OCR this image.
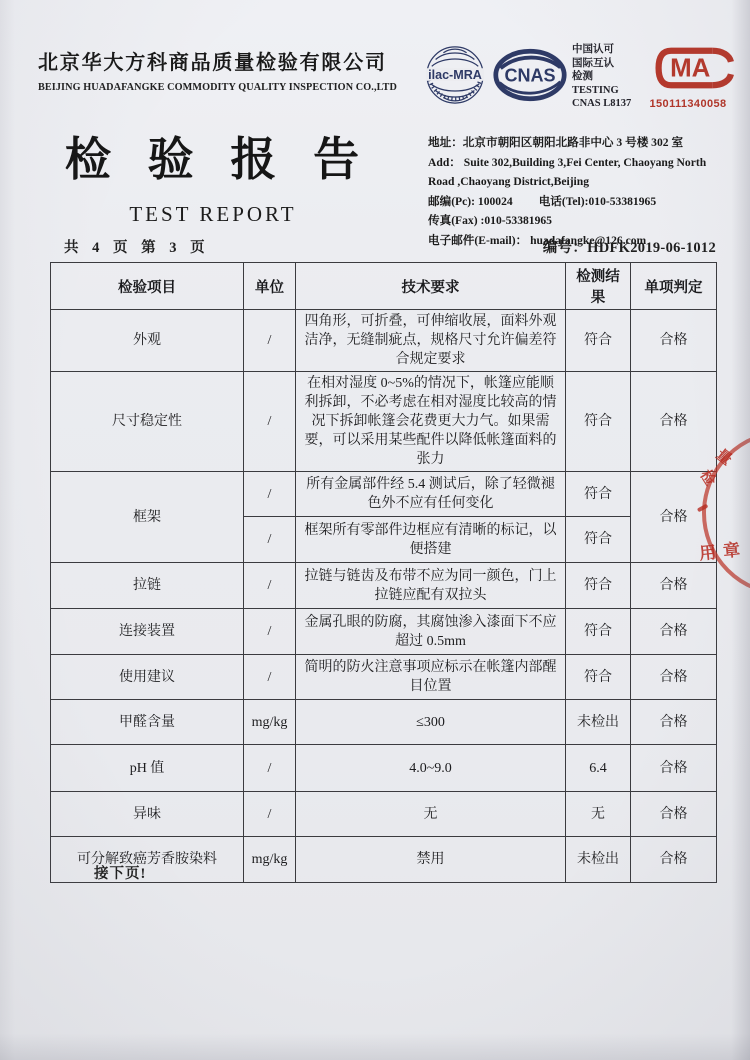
北京华大方科商品质量检验有限公司
BEIJING HUADAFANGKE COMMODITY QUALITY INSPECTION CO.,LTD
检 验 报 告
TEST REPORT
ilac-MRA CNAS
中国认可
国际互认
检测
TESTING
CNAS L8137
MA
150111340058
地址：北京市朝阳区朝阳北路非中心 3 号楼 302 室
Add： Suite 302,Building 3,Fei Center, Chaoyang North
Road ,Chaoyang District,Beijing
邮编(Pc): 100024 电话(Tel):010-53381965
传真(Fax) :010-53381965
电子邮件(E-mail)： huadafangke@126.com
共 4 页 第 3 页	编号：HDFK2019-06-1012
检验项目	单位	技术要求	检测结果	单项判定
外观	/	四角形，可折叠，可伸缩收展，面料外观洁净，无缝制疵点，规格尺寸允许偏差符合规定要求	符合	合格
尺寸稳定性	/	在相对湿度 0~5%的情况下，帐篷应能顺利拆卸，不必考虑在相对湿度比较高的情况下拆卸帐篷会花费更大力气。如果需要，可以采用某些配件以降低帐篷面料的张力	符合	合格
框架	/	所有金属部件经 5.4 测试后，除了轻微褪色外不应有任何变化	符合	合格
	/	框架所有零部件边框应有清晰的标记，以便搭建	符合	
拉链	/	拉链与链齿及布带不应为同一颜色，门上拉链应配有双拉头	符合	合格
连接装置	/	金属孔眼的防腐，其腐蚀渗入漆面下不应超过 0.5mm	符合	合格
使用建议	/	简明的防火注意事项应标示在帐篷内部醒目位置	符合	合格
甲醛含量	mg/kg	≤300	未检出	合格
pH 值	/	4.0~9.0	6.4	合格
异味	/	无	无	合格
可分解致癌芳香胺染料	mg/kg	禁用	未检出	合格
接下页!
量
检
用章
